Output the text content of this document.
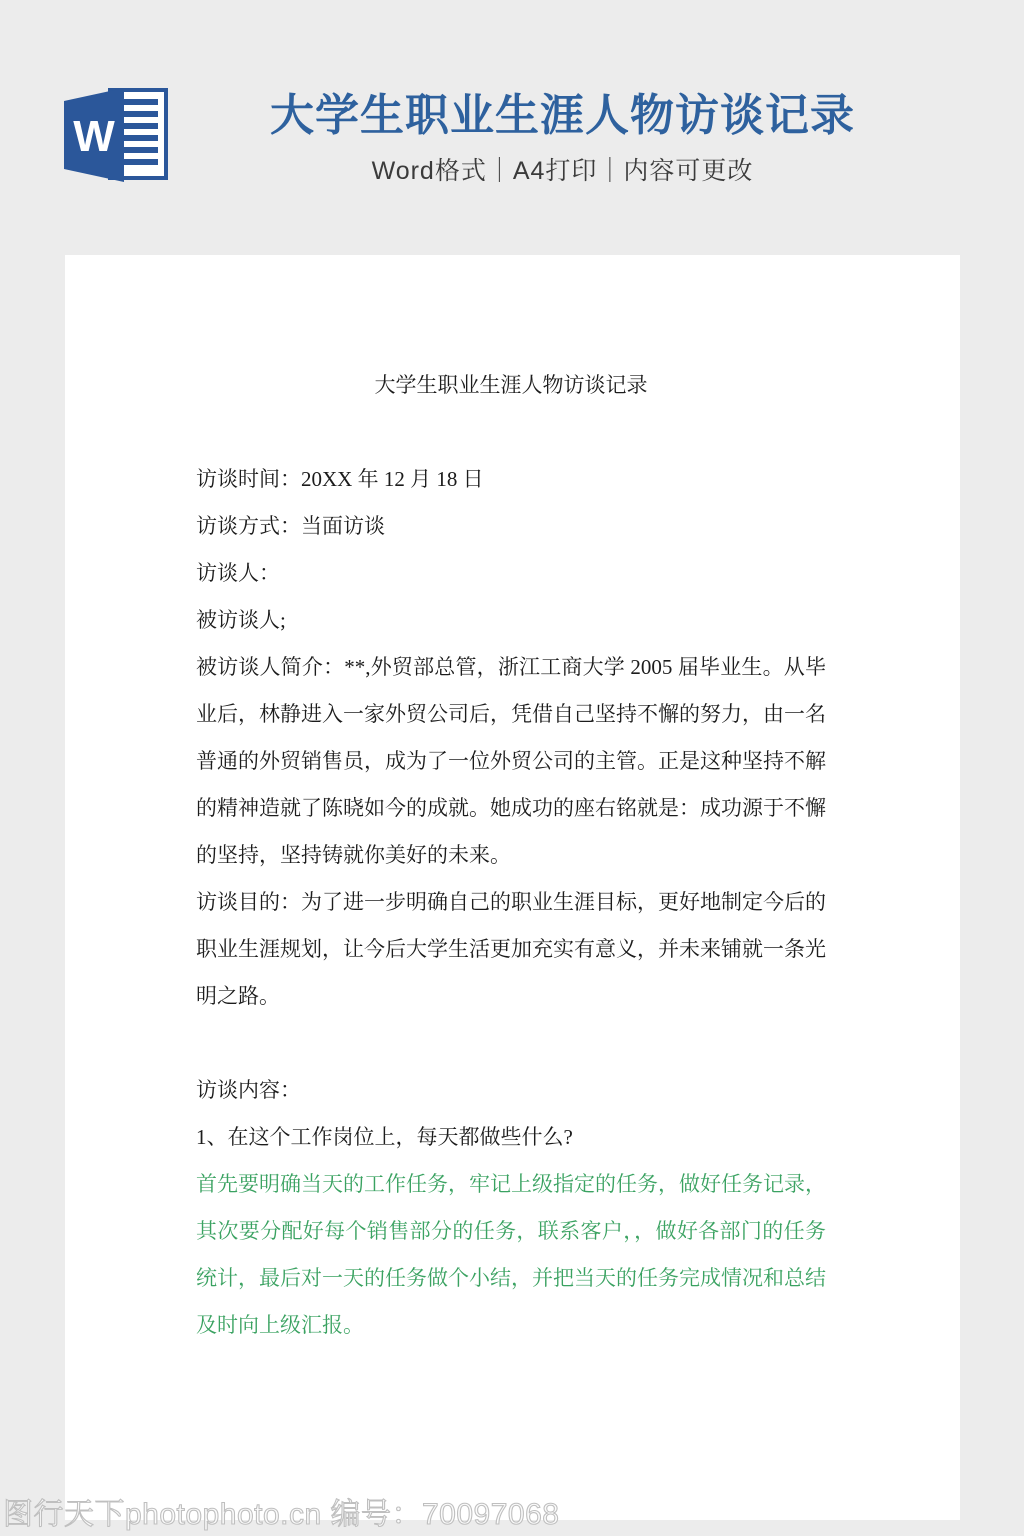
W	大学生职业生涯人物访谈记录
Word格式｜A4打印｜内容可更改
大学生职业生涯人物访谈记录
访谈时间：20XX 年 12 月 18 日
访谈方式：当面访谈
访谈人：
被访谈人;
被访谈人简介：**,外贸部总管，浙江工商大学 2005 届毕业生。从毕业后，林静进入一家外贸公司后，凭借自己坚持不懈的努力，由一名普通的外贸销售员，成为了一位外贸公司的主管。正是这种坚持不解的精神造就了陈晓如今的成就。她成功的座右铭就是：成功源于不懈的坚持，坚持铸就你美好的未来。
访谈目的：为了进一步明确自己的职业生涯目标，更好地制定今后的职业生涯规划，让今后大学生活更加充实有意义，并未来铺就一条光明之路。
访谈内容：
1、在这个工作岗位上，每天都做些什么?
首先要明确当天的工作任务，牢记上级指定的任务，做好任务记录，其次要分配好每个销售部分的任务，联系客户，，做好各部门的任务统计，最后对一天的任务做个小结，并把当天的任务完成情况和总结及时向上级汇报。
图行天下photophoto.cn 编号：70097068
